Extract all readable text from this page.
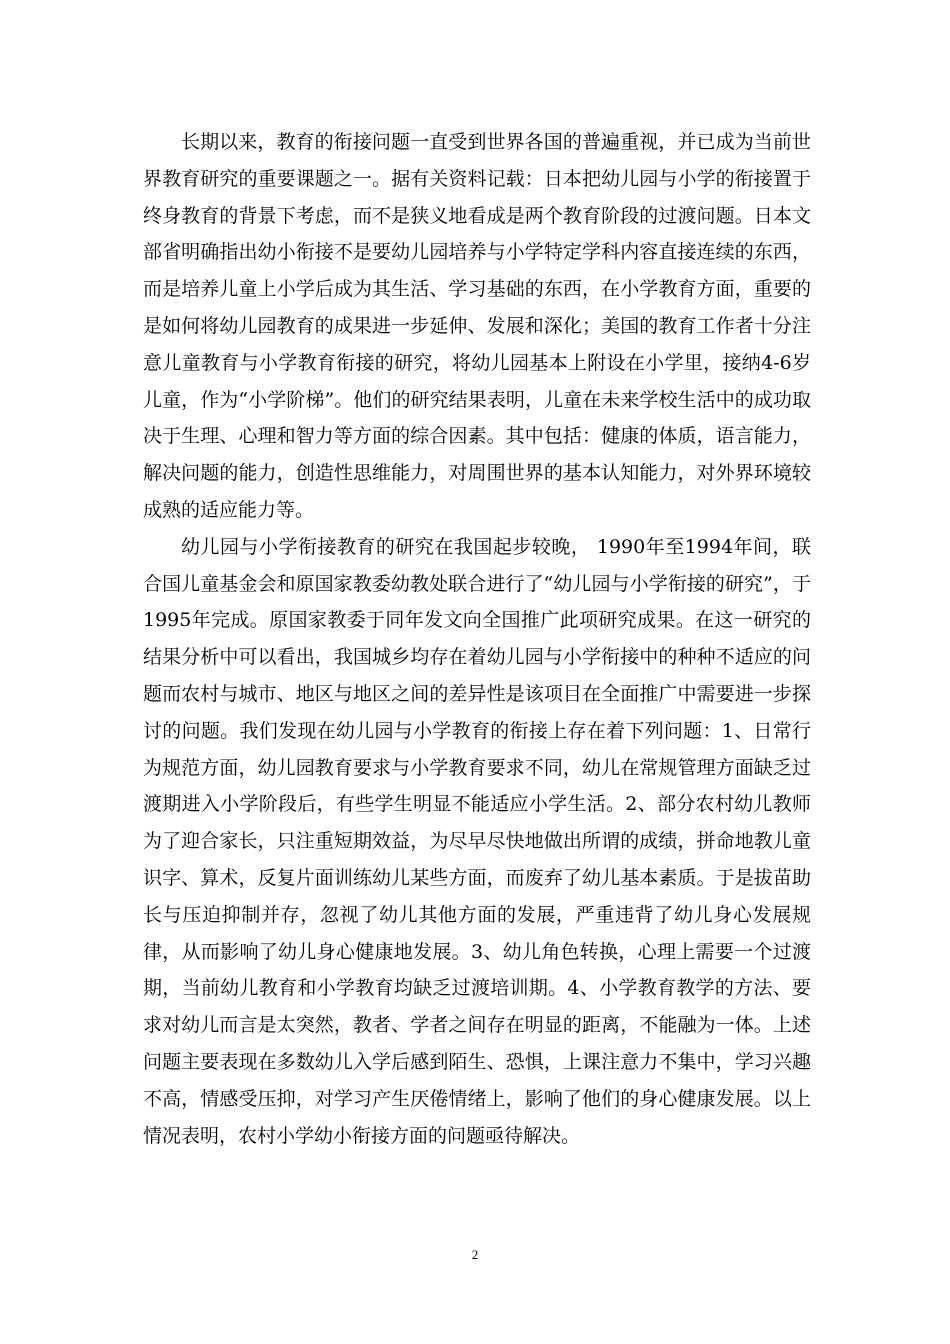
长期以来，教育的衔接问题一直受到世界各国的普遍重视，并已成为当前世界教育研究的重要课题之一。据有关资料记载：日本把幼儿园与小学的衔接置于终身教育的背景下考虑，而不是狭义地看成是两个教育阶段的过渡问题。日本文部省明确指出幼小衔接不是要幼儿园培养与小学特定学科内容直接连续的东西，而是培养儿童上小学后成为其生活、学习基础的东西，在小学教育方面，重要的是如何将幼儿园教育的成果进一步延伸、发展和深化；美国的教育工作者十分注意儿童教育与小学教育衔接的研究，将幼儿园基本上附设在小学里，接纳4-6岁儿童，作为“小学阶梯”。他们的研究结果表明，儿童在未来学校生活中的成功取决于生理、心理和智力等方面的综合因素。其中包括：健康的体质，语言能力，解决问题的能力，创造性思维能力，对周围世界的基本认知能力，对外界环境较成熟的适应能力等。

幼儿园与小学衔接教育的研究在我国起步较晚， 1990年至1994年间，联合国儿童基金会和原国家教委幼教处联合进行了“幼儿园与小学衔接的研究”，于1995年完成。原国家教委于同年发文向全国推广此项研究成果。在这一研究的结果分析中可以看出，我国城乡均存在着幼儿园与小学衔接中的种种不适应的问题而农村与城市、地区与地区之间的差异性是该项目在全面推广中需要进一步探讨的问题。我们发现在幼儿园与小学教育的衔接上存在着下列问题：1、日常行为规范方面，幼儿园教育要求与小学教育要求不同，幼儿在常规管理方面缺乏过渡期进入小学阶段后，有些学生明显不能适应小学生活。2、部分农村幼儿教师为了迎合家长，只注重短期效益，为尽早尽快地做出所谓的成绩，拼命地教儿童识字、算术，反复片面训练幼儿某些方面，而废弃了幼儿基本素质。于是拔苗助长与压迫抑制并存，忽视了幼儿其他方面的发展，严重违背了幼儿身心发展规律，从而影响了幼儿身心健康地发展。3、幼儿角色转换，心理上需要一个过渡期，当前幼儿教育和小学教育均缺乏过渡培训期。4、小学教育教学的方法、要求对幼儿而言是太突然，教者、学者之间存在明显的距离，不能融为一体。上述问题主要表现在多数幼儿入学后感到陌生、恐惧，上课注意力不集中，学习兴趣不高，情感受压抑，对学习产生厌倦情绪上，影响了他们的身心健康发展。以上情况表明，农村小学幼小衔接方面的问题亟待解决。

2
